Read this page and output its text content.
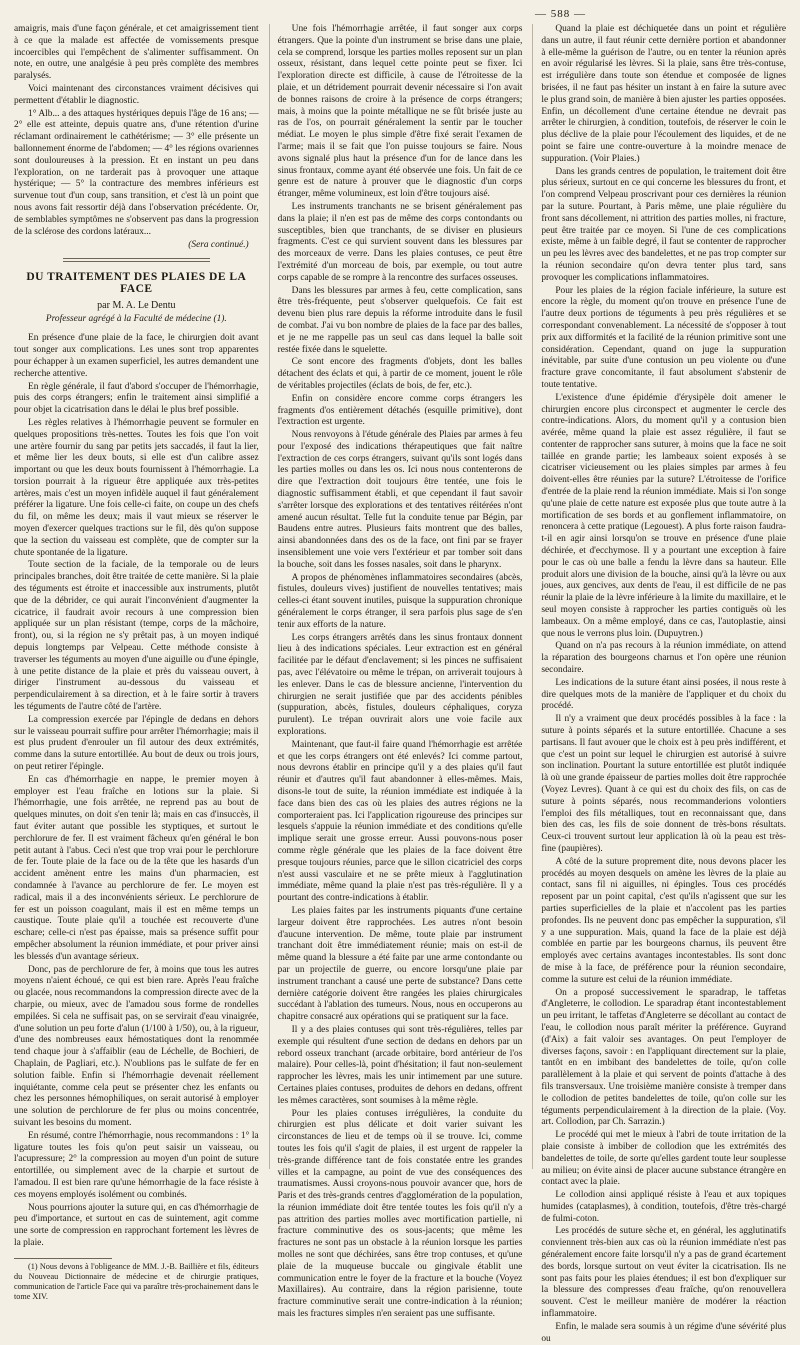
— 588 —

amaigris, mais d'une façon générale, et cet amaigrissement tient à ce que la malade est affectée de vomissements presque incoercibles qui l'empêchent de s'alimenter suffisamment. On note, en outre, une analgésie à peu près complète des membres paralysés.

Voici maintenant des circonstances vraiment décisives qui permettent d'établir le diagnostic.

1° Alb... a des attaques hystériques depuis l'âge de 16 ans; — 2° elle est atteinte, depuis quatre ans, d'une rétention d'urine réclamant ordinairement le cathétérisme; — 3° elle présente un ballonnement énorme de l'abdomen; — 4° les régions ovariennes sont douloureuses à la pression. Et en instant un peu dans l'exploration, on ne tarderait pas à provoquer une attaque hystérique; — 5° la contracture des membres inférieurs est survenue tout d'un coup, sans transition, et c'est là un point que nous avons fait ressortir déjà dans l'observation précédente. Or, de semblables symptômes ne s'observent pas dans la progression de la sclérose des cordons latéraux...

(Sera continué.)
DU TRAITEMENT DES PLAIES DE LA FACE
par M. A. Le Dentu
Professeur agrégé à la Faculté de médecine (1).

En présence d'une plaie de la face, le chirurgien doit avant tout songer aux complications. Les unes sont trop apparentes pour échapper à un examen superficiel, les autres demandent une recherche attentive.

En règle générale, il faut d'abord s'occuper de l'hémorrhagie, puis des corps étrangers; enfin le traitement ainsi simplifié a pour objet la cicatrisation dans le délai le plus bref possible.

Les règles relatives à l'hémorrhagie peuvent se formuler en quelques propositions très-nettes. Toutes les fois que l'on voit une artère fournir du sang par petits jets saccadés, il faut la lier, et même lier les deux bouts, si elle est d'un calibre assez important ou que les deux bouts fournissent à l'hémorrhagie. La torsion pourrait à la rigueur être appliquée aux très-petites artères, mais c'est un moyen infidèle auquel il faut généralement préférer la ligature. Une fois celle-ci faite, on coupe un des chefs du fil, on même les deux; mais il vaut mieux se réserver le moyen d'exercer quelques tractions sur le fil, dès qu'on suppose que la section du vaisseau est complète, que de compter sur la chute spontanée de la ligature.

Toute section de la faciale, de la temporale ou de leurs principales branches, doit être traitée de cette manière. Si la plaie des téguments est étroite et inaccessible aux instruments, plutôt que de la débrider, ce qui aurait l'inconvénient d'augmenter la cicatrice, il faudrait avoir recours à une compression bien appliquée sur un plan résistant (tempe, corps de la mâchoire, front), ou, si la région ne s'y prêtait pas, à un moyen indiqué depuis longtemps par Velpeau. Cette méthode consiste à traverser les téguments au moyen d'une aiguille ou d'une épingle, à une petite distance de la plaie et près du vaisseau ouvert, à diriger l'instrument au-dessous du vaisseau et perpendiculairement à sa direction, et à le faire sortir à travers les téguments de l'autre côté de l'artère.

La compression exercée par l'épingle de dedans en dehors sur le vaisseau pourrait suffire pour arrêter l'hémorrhagie; mais il est plus prudent d'enrouler un fil autour des deux extrémités, comme dans la suture entortillée. Au bout de deux ou trois jours, on peut retirer l'épingle.

En cas d'hémorrhagie en nappe, le premier moyen à employer est l'eau fraîche en lotions sur la plaie. Si l'hémorrhagie, une fois arrêtée, ne reprend pas au bout de quelques minutes, on doit s'en tenir là; mais en cas d'insuccès, il faut éviter autant que possible les styptiques, et surtout le perchlorure de fer. Il est vraiment fâcheux qu'en général le bon petit autant à l'abus. Ceci n'est que trop vrai pour le perchlorure de fer. Toute plaie de la face ou de la tête que les hasards d'un accident amènent entre les mains d'un pharmacien, est condamnée à l'avance au perchlorure de fer. Le moyen est radical, mais il a des inconvénients sérieux. Le perchlorure de fer est un poisson coagulant, mais il est en même temps un caustique. Toute plaie qu'il a touchée est recouverte d'une eschare; celle-ci n'est pas épaisse, mais sa présence suffit pour empêcher absolument la réunion immédiate, et pour priver ainsi les blessés d'un avantage sérieux.

Donc, pas de perchlorure de fer, à moins que tous les autres moyens n'aient échoué, ce qui est bien rare. Après l'eau fraîche ou glacée, nous recommandons la compression directe avec de la charpie, ou mieux, avec de l'amadou sous forme de rondelles empilées. Si cela ne suffisait pas, on se servirait d'eau vinaigrée, d'une solution un peu forte d'alun (1/100 à 1/50), ou, à la rigueur, d'une des nombreuses eaux hémostatiques dont la renommée tend chaque jour à s'affaiblir (eau de Léchelle, de Bochieri, de Chaplain, de Pagliari, etc.). N'oublions pas le sulfate de fer en solution faible. Enfin si l'hémorrhagie devenait réellement inquiétante, comme cela peut se présenter chez les enfants ou chez les personnes hémophiliques, on serait autorisé à employer une solution de perchlorure de fer plus ou moins concentrée, suivant les besoins du moment.

En résumé, contre l'hémorrhagie, nous recommandons : 1° la ligature toutes les fois qu'on peut saisir un vaisseau, ou l'acupressure; 2° la compression au moyen d'un point de suture entortillée, ou simplement avec de la charpie et surtout de l'amadou. Il est bien rare qu'une hémorrhagie de la face résiste à ces moyens employés isolément ou combinés.

Nous pourrions ajouter la suture qui, en cas d'hémorrhagie de peu d'importance, et surtout en cas de suintement, agit comme une sorte de compression en rapprochant fortement les lèvres de la plaie.

(1) Nous devons à l'obligeance de MM. J.-B. Baillière et fils, éditeurs du Nouveau Dictionnaire de médecine et de chirurgie pratiques, communication de l'article Face qui va paraître très-prochainement dans le tome XIV.

Une fois l'hémorrhagie arrêtée, il faut songer aux corps étrangers. Que la pointe d'un instrument se brise dans une plaie, cela se comprend, lorsque les parties molles reposent sur un plan osseux, résistant, dans lequel cette pointe peut se fixer. Ici l'exploration directe est difficile, à cause de l'étroitesse de la plaie, et un détridement pourrait devenir nécessaire si l'on avait de bonnes raisons de croire à la présence de corps étrangers; mais, à moins que la pointe métallique ne se fût brisée juste au ras de l'os, on pourrait généralement la sentir par le toucher médiat. Le moyen le plus simple d'être fixé serait l'examen de l'arme; mais il se fait que l'on puisse toujours se faire. Nous avons signalé plus haut la présence d'un for de lance dans les sinus frontaux, comme ayant été observée une fois. Un fait de ce genre est de nature à prouver que le diagnostic d'un corps étranger, même volumineux, est loin d'être toujours aisé.

Les instruments tranchants ne se brisent généralement pas dans la plaie; il n'en est pas de même des corps contondants ou susceptibles, bien que tranchants, de se diviser en plusieurs fragments. C'est ce qui survient souvent dans les blessures par des morceaux de verre. Dans les plaies contuses, ce peut être l'extrémité d'un morceau de bois, par exemple, ou tout autre corps capable de se rompre à la rencontre des surfaces osseuses.

Dans les blessures par armes à feu, cette complication, sans être très-fréquente, peut s'observer quelquefois. Ce fait est devenu bien plus rare depuis la réforme introduite dans le fusil de combat. J'ai vu bon nombre de plaies de la face par des balles, et je ne me rappelle pas un seul cas dans lequel la balle soit restée fixée dans le squelette.

Ce sont encore des fragments d'objets, dont les balles détachent des éclats et qui, à partir de ce moment, jouent le rôle de véritables projectiles (éclats de bois, de fer, etc.).

Enfin on considère encore comme corps étrangers les fragments d'os entièrement détachés (esquille primitive), dont l'extraction est urgente.

Nous renvoyons à l'étude générale des Plaies par armes à feu pour l'exposé des indications thérapeutiques que fait naître l'extraction de ces corps étrangers, suivant qu'ils sont logés dans les parties molles ou dans les os. Ici nous nous contenterons de dire que l'extraction doit toujours être tentée, une fois le diagnostic suffisamment établi, et que cependant il faut savoir s'arrêter lorsque des explorations et des tentatives réitérées n'ont amené aucun résultat. Telle fut la conduite tenue par Bégin, par Baudens entre autres. Plusieurs faits montrent que des balles, ainsi abandonnées dans des os de la face, ont fini par se frayer insensiblement une voie vers l'extérieur et par tomber soit dans la bouche, soit dans les fosses nasales, soit dans le pharynx.

A propos de phénomènes inflammatoires secondaires (abcès, fistules, douleurs vives) justifient de nouvelles tentatives; mais celles-ci étant souvent inutiles, puisque la suppuration chronique généralement le corps étranger, il sera parfois plus sage de s'en tenir aux efforts de la nature.

Les corps étrangers arrêtés dans les sinus frontaux donnent lieu à des indications spéciales. Leur extraction est en général facilitée par le défaut d'enclavement; si les pinces ne suffisaient pas, avec l'élévatoire ou même le trépan, on arriverait toujours à les enlever. Dans le cas de blessure ancienne, l'intervention du chirurgien ne serait justifiée que par des accidents pénibles (suppuration, abcès, fistules, douleurs céphaliques, coryza purulent). Le trépan ouvrirait alors une voie facile aux explorations.

Maintenant, que faut-il faire quand l'hémorrhagie est arrêtée et que les corps étrangers ont été enlevés? Ici comme partout, nous devrons établir en principe qu'il y a des plaies qu'il faut réunir et d'autres qu'il faut abandonner à elles-mêmes. Mais, disons-le tout de suite, la réunion immédiate est indiquée à la face dans bien des cas où les plaies des autres régions ne la comporteraient pas. Ici l'application rigoureuse des principes sur lesquels s'appuie la réunion immédiate et des conditions qu'elle implique serait une grosse erreur. Aussi pouvons-nous poser comme règle générale que les plaies de la face doivent être presque toujours réunies, parce que le sillon cicatriciel des corps n'est aussi vasculaire et ne se prête mieux à l'agglutination immédiate, même quand la plaie n'est pas très-régulière. Il y a pourtant des contre-indications à établir.

Les plaies faites par les instruments piquants d'une certaine largeur doivent être rapprochées. Les autres n'ont besoin d'aucune intervention. De même, toute plaie par instrument tranchant doit être immédiatement réunie; mais on est-il de même quand la blessure a été faite par une arme contondante ou par un projectile de guerre, ou encore lorsqu'une plaie par instrument tranchant a causé une perte de substance? Dans cette dernière catégorie doivent être rangées les plaies chirurgicales succédant à l'ablation des tumeurs. Nous, nous en occuperons au chapitre consacré aux opérations qui se pratiquent sur la face.

Il y a des plaies contuses qui sont très-régulières, telles par exemple qui résultent d'une section de dedans en dehors par un rebord osseux tranchant (arcade orbitaire, bord antérieur de l'os malaire). Pour celles-là, point d'hésitation; il faut non-seulement rapprocher les lèvres, mais les unir intimement par une suture. Certaines plaies contuses, produites de dehors en dedans, offrent les mêmes caractères, sont soumises à la même règle.

Pour les plaies contuses irrégulières, la conduite du chirurgien est plus délicate et doit varier suivant les circonstances de lieu et de temps où il se trouve. Ici, comme toutes les fois qu'il s'agit de plaies, il est urgent de rappeler la très-grande différence tant de fois constatée entre les grandes villes et la campagne, au point de vue des conséquences des traumatismes. Aussi croyons-nous pouvoir avancer que, hors de Paris et des très-grands centres d'agglomération de la population, la réunion immédiate doit être tentée toutes les fois qu'il n'y a pas attrition des parties molles avec mortification partielle, ni fracture comminutive des os sous-jacents; que même les fractures ne sont pas un obstacle à la réunion lorsque les parties molles ne sont que déchirées, sans être trop contuses, et qu'une plaie de la muqueuse buccale ou gingivale établit une communication entre le foyer de la fracture et la bouche (Voyez Maxillaires). Au contraire, dans la région parisienne, toute fracture comminutive serait une contre-indication à la réunion; mais les fractures simples n'en seraient pas une suffisante.

Quand la plaie est déchiquetée dans un point et régulière dans un autre, il faut réunir cette dernière portion et abandonner à elle-même la guérison de l'autre, ou en tenter la réunion après en avoir régularisé les lèvres. Si la plaie, sans être très-contuse, est irrégulière dans toute son étendue et composée de lignes brisées, il ne faut pas hésiter un instant à en faire la suture avec le plus grand soin, de manière à bien ajuster les parties opposées. Enfin, un décollement d'une certaine étendue ne devrait pas arrêter le chirurgien, à condition, toutefois, de réserver le coin le plus déclive de la plaie pour l'écoulement des liquides, et de ne point se faire une contre-ouverture à la moindre menace de suppuration. (Voir Plaies.)

Dans les grands centres de population, le traitement doit être plus sérieux, surtout en ce qui concerne les blessures du front, et l'on comprend Velpeau proscrivant pour ces dernières la réunion par la suture. Pourtant, à Paris même, une plaie régulière du front sans décollement, ni attrition des parties molles, ni fracture, peut être traitée par ce moyen. Si l'une de ces complications existe, même à un faible degré, il faut se contenter de rapprocher un peu les lèvres avec des bandelettes, et ne pas trop compter sur la réunion secondaire qu'on devra tenter plus tard, sans provoquer les complications inflammatoires.

Pour les plaies de la région faciale inférieure, la suture est encore la règle, du moment qu'on trouve en présence l'une de l'autre deux portions de téguments à peu près régulières et se correspondant convenablement. La nécessité de s'opposer à tout prix aux difformités et la facilité de la réunion primitive sont une considération. Cependant, quand on juge la suppuration inévitable, par suite d'une contusion un peu violente ou d'une fracture grave concomitante, il faut absolument s'abstenir de toute tentative.

L'existence d'une épidémie d'érysipèle doit amener le chirurgien encore plus circonspect et augmenter le cercle des contre-indications. Alors, du moment qu'il y a contusion bien avérée, même quand la plaie est assez régulière, il faut se contenter de rapprocher sans suturer, à moins que la face ne soit taillée en grande partie; les lambeaux soient exposés à se cicatriser vicieusement ou les plaies simples par armes à feu doivent-elles être réunies par la suture? L'étroitesse de l'orifice d'entrée de la plaie rend la réunion immédiate. Mais si l'on songe qu'une plaie de cette nature est exposée plus que toute autre à la mortification de ses bords et au gonflement inflammatoire, on renoncera à cette pratique (Legouest). A plus forte raison faudra-t-il en agir ainsi lorsqu'on se trouve en présence d'une plaie déchirée, et d'ecchymose. Il y a pourtant une exception à faire pour le cas où une balle a fendu la lèvre dans sa hauteur. Elle produit alors une division de la bouche, ainsi qu'à la lèvre ou aux joues, aux gencives, aux dents de l'eau, il est difficile de ne pas réunir la plaie de la lèvre inférieure à la limite du maxillaire, et le seul moyen consiste à rapprocher les parties contiguës où les lambeaux. On a même employé, dans ce cas, l'autoplastie, ainsi que nous le verrons plus loin. (Dupuytren.)

Quand on n'a pas recours à la réunion immédiate, on attend la réparation des bourgeons charnus et l'on opère une réunion secondaire.

Les indications de la suture étant ainsi posées, il nous reste à dire quelques mots de la manière de l'appliquer et du choix du procédé.

Il n'y a vraiment que deux procédés possibles à la face : la suture à points séparés et la suture entortillée. Chacune a ses partisans. Il faut avouer que le choix est à peu près indifférent, et que c'est un point sur lequel le chirurgien est autorisé à suivre son inclination. Pourtant la suture entortillée est plutôt indiquée là où une grande épaisseur de parties molles doit être rapprochée (Voyez Levres). Quant à ce qui est du choix des fils, on cas de suture à points séparés, nous recommanderions volontiers l'emploi des fils métalliques, tout en reconnaissant que, dans bien des cas, les fils de soie donnent de très-bons résultats. Ceux-ci trouvent surtout leur application là où la peau est très-fine (paupières).

A côté de la suture proprement dite, nous devons placer les procédés au moyen desquels on amène les lèvres de la plaie au contact, sans fil ni aiguilles, ni épingles. Tous ces procédés reposent par un point capital, c'est qu'ils n'agissent que sur les parties superficielles de la plaie et n'accolent pas les parties profondes. Ils ne peuvent donc pas empêcher la suppuration, s'il y a une suppuration. Mais, quand la face de la plaie est déjà comblée en partie par les bourgeons charnus, ils peuvent être employés avec certains avantages incontestables. Ils sont donc de mise à la face, de préférence pour la réunion secondaire, comme la suture est celui de la réunion immédiate.

On a proposé successivement le sparadrap, le taffetas d'Angleterre, le collodion. Le sparadrap étant incontestablement un peu irritant, le taffetas d'Angleterre se décollant au contact de l'eau, le collodion nous paraît mériter la préférence. Guyrand (d'Aix) a fait valoir ses avantages. On peut l'employer de diverses façons, savoir : en l'appliquant directement sur la plaie, tantôt en en imbibant des bandelettes de toile, qu'on colle parallèlement à la plaie et qui servent de points d'attache à des fils transversaux. Une troisième manière consiste à tremper dans le collodion de petites bandelettes de toile, qu'on colle sur les téguments perpendiculairement à la direction de la plaie. (Voy. art. Collodion, par Ch. Sarrazin.)

Le procédé qui met le mieux à l'abri de toute irritation de la plaie consiste à imbiber de collodion que les extrémités des bandelettes de toile, de sorte qu'elles gardent toute leur souplesse au milieu; on évite ainsi de placer aucune substance étrangère en contact avec la plaie.

Le collodion ainsi appliqué résiste à l'eau et aux topiques humides (cataplasmes), à condition, toutefois, d'être très-chargé de fulmi-coton.

Les procédés de suture sèche et, en général, les agglutinatifs conviennent très-bien aux cas où la réunion immédiate n'est pas généralement encore faite lorsqu'il n'y a pas de grand écartement des bords, lorsque surtout on veut éviter la cicatrisation. Ils ne sont pas faits pour les plaies étendues; il est bon d'expliquer sur la blessure des compresses d'eau fraîche, qu'on renouvellera souvent. C'est le meilleur manière de modérer la réaction inflammatoire.

Enfin, le malade sera soumis à un régime d'une sévérité plus ou
